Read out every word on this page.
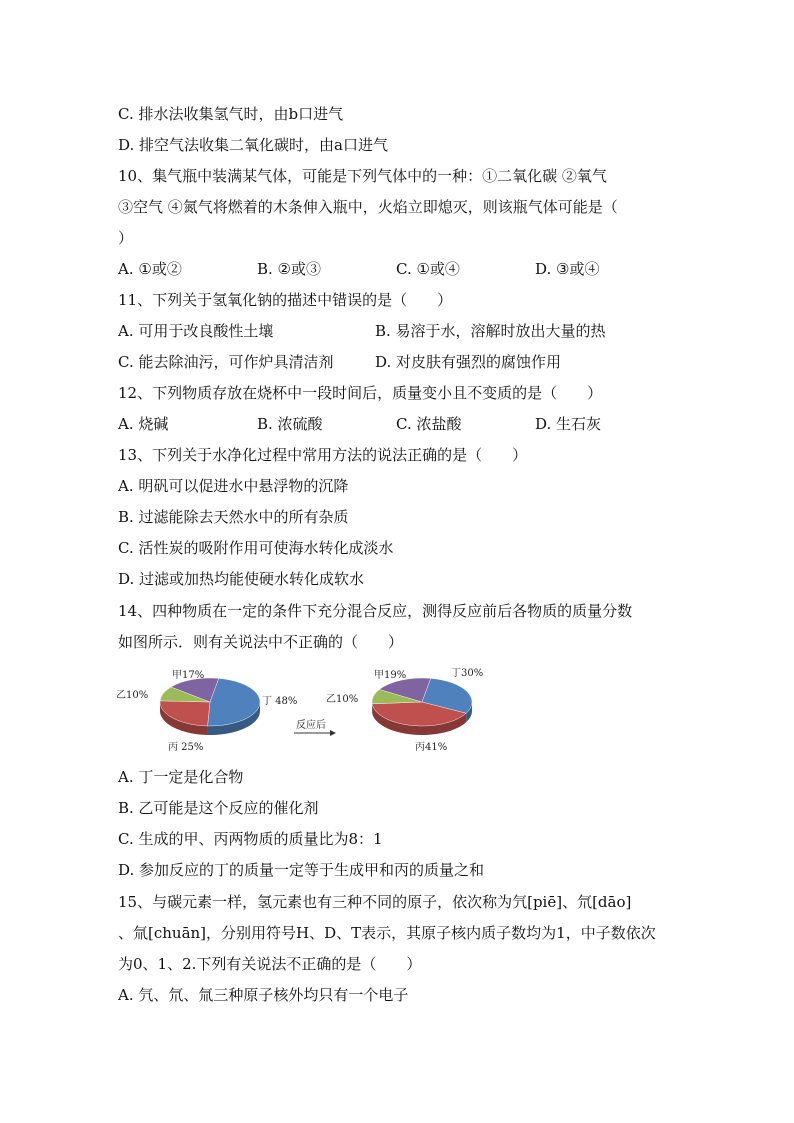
C. 排水法收集氢气时，由b口进气
D. 排空气法收集二氧化碳时，由a口进气
10、集气瓶中装满某气体，可能是下列气体中的一种：①二氧化碳 ②氧气
③空气 ④氮气将燃着的木条伸入瓶中，火焰立即熄灭，则该瓶气体可能是（
）
A. ①或②	B. ②或③	C. ①或④	D. ③或④
11、下列关于氢氧化钠的描述中错误的是（　　）
A. 可用于改良酸性土壤	B. 易溶于水，溶解时放出大量的热
C. 能去除油污，可作炉具清洁剂	D. 对皮肤有强烈的腐蚀作用
12、下列物质存放在烧杯中一段时间后，质量变小且不变质的是（　　）
A. 烧碱	B. 浓硫酸	C. 浓盐酸	D. 生石灰
13、下列关于水净化过程中常用方法的说法正确的是（　　）
A. 明矾可以促进水中悬浮物的沉降
B. 过滤能除去天然水中的所有杂质
C. 活性炭的吸附作用可使海水转化成淡水
D. 过滤或加热均能使硬水转化成软水
14、四种物质在一定的条件下充分混合反应，测得反应前后各物质的质量分数
如图所示．则有关说法中不正确的（　　）
丁 48%
丙 25%
乙10%
甲17%	丁30%
丙41%
乙10%
甲19%
反应后
A. 丁一定是化合物
B. 乙可能是这个反应的催化剂
C. 生成的甲、丙两物质的质量比为8：1
D. 参加反应的丁的质量一定等于生成甲和丙的质量之和
15、与碳元素一样，氢元素也有三种不同的原子，依次称为氕[piē]、氘[dāo]
、氚[chuān]，分别用符号H、D、T表示，其原子核内质子数均为1，中子数依次
为0、1、2.下列有关说法不正确的是（　　）
A. 氕、氘、氚三种原子核外均只有一个电子
